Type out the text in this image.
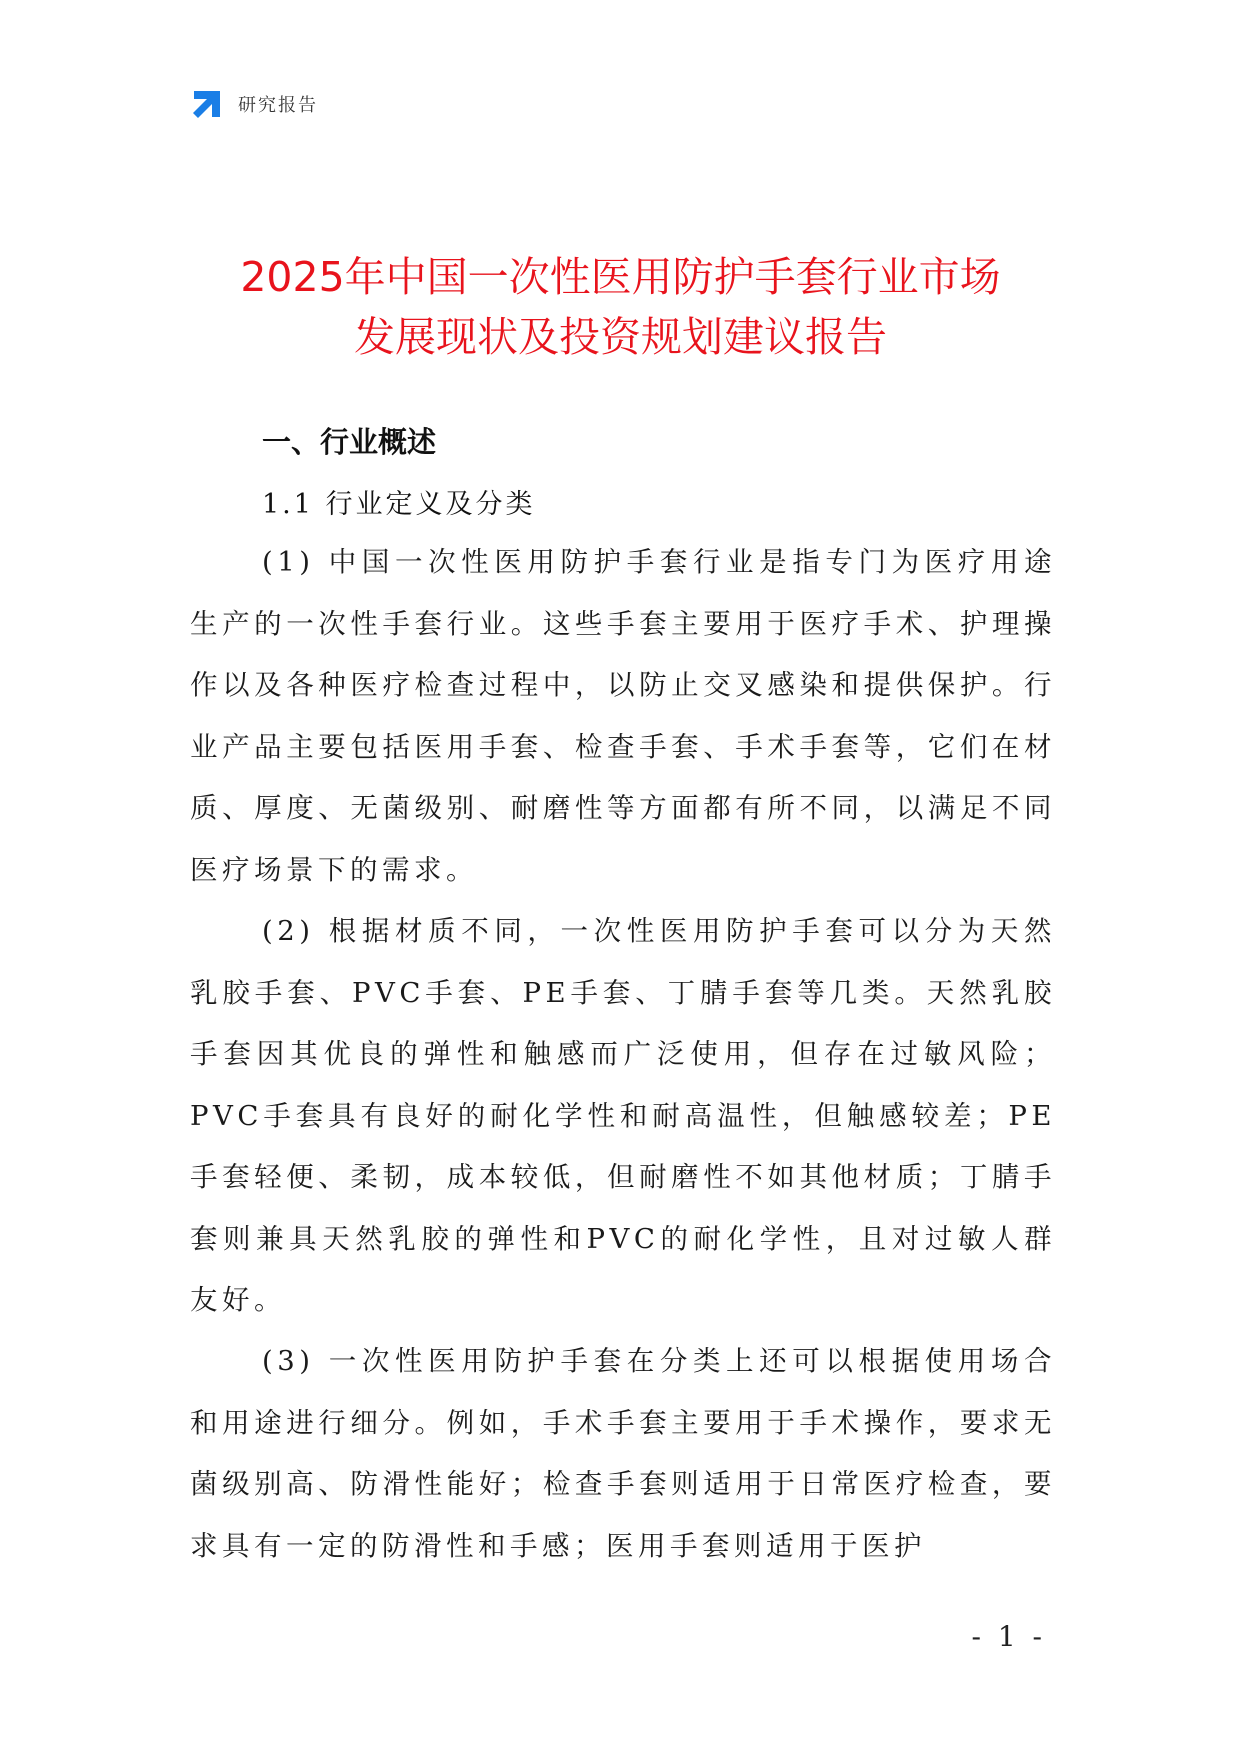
研究报告
2025年中国一次性医用防护手套行业市场
发展现状及投资规划建议报告
一、行业概述
1.1 行业定义及分类

(1) 中国一次性医用防护手套行业是指专门为医疗用途生产的一次性手套行业。这些手套主要用于医疗手术、护理操作以及各种医疗检查过程中，以防止交叉感染和提供保护。行业产品主要包括医用手套、检查手套、手术手套等，它们在材质、厚度、无菌级别、耐磨性等方面都有所不同，以满足不同医疗场景下的需求。

(2) 根据材质不同，一次性医用防护手套可以分为天然乳胶手套、PVC手套、PE手套、丁腈手套等几类。天然乳胶手套因其优良的弹性和触感而广泛使用，但存在过敏风险；PVC手套具有良好的耐化学性和耐高温性，但触感较差；PE手套轻便、柔韧，成本较低，但耐磨性不如其他材质；丁腈手套则兼具天然乳胶的弹性和PVC的耐化学性，且对过敏人群友好。

(3) 一次性医用防护手套在分类上还可以根据使用场合和用途进行细分。例如，手术手套主要用于手术操作，要求无菌级别高、防滑性能好；检查手套则适用于日常医疗检查，要求具有一定的防滑性和手感；医用手套则适用于医护

- 1 -
